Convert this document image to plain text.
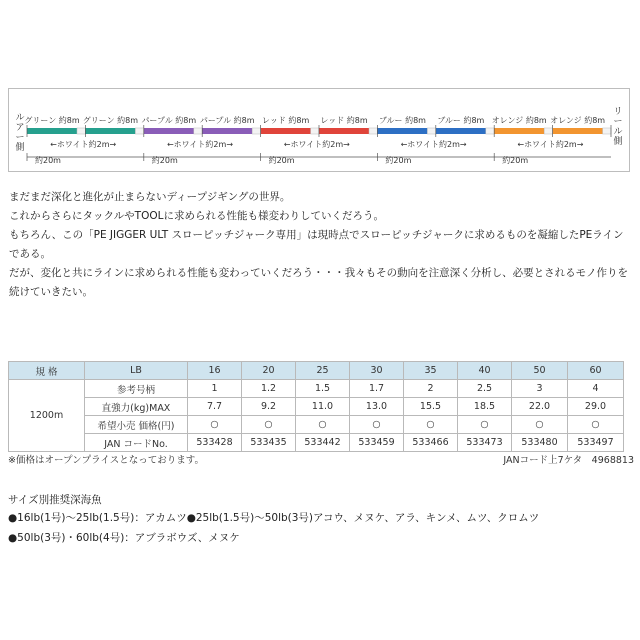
ルアー側
リール側
グリーン 約8m
←ホワイト約2m→
グリーン 約8m パープル 約8m
←ホワイト約2m→
パープル 約8m レッド 約8m
←ホワイト約2m→
レッド 約8m ブルー 約8m
←ホワイト約2m→
ブルー 約8m オレンジ 約8m
←ホワイト約2m→
オレンジ 約8m
約20m	約20m	約20m	約20m	約20m

まだまだ深化と進化が止まらないディープジギングの世界。

これからさらにタックルやTOOLに求められる性能も様変わりしていくだろう。

もちろん、この「PE JIGGER ULT スローピッチジャーク専用」は現時点でスローピッチジャークに求めるものを凝縮したPEラインである。

だが、変化と共にラインに求められる性能も変わっていくだろう・・・我々もその動向を注意深く分析し、必要とされるモノ作りを続けていきたい。

規 格	LB	16	20	25	30	35	40	50	60
1200m	参考号柄	1	1.2	1.5	1.7	2	2.5	3	4
	直強力(kg)MAX	7.7	9.2	11.0	13.0	15.5	18.5	22.0	29.0
	希望小売 価格(円)	○	○	○	○	○	○	○	○
	JAN コードNo.	533428	533435	533442	533459	533466	533473	533480	533497
※価格はオープンプライスとなっております。	JANコード上7ケタ　4968813
サイズ別推奨深海魚
●16lb(1号)～25lb(1.5号)：アカムツ●25lb(1.5号)～50lb(3号)アコウ、メヌケ、アラ、キンメ、ムツ、クロムツ
●50lb(3号)・60lb(4号)：アブラボウズ、メヌケ
